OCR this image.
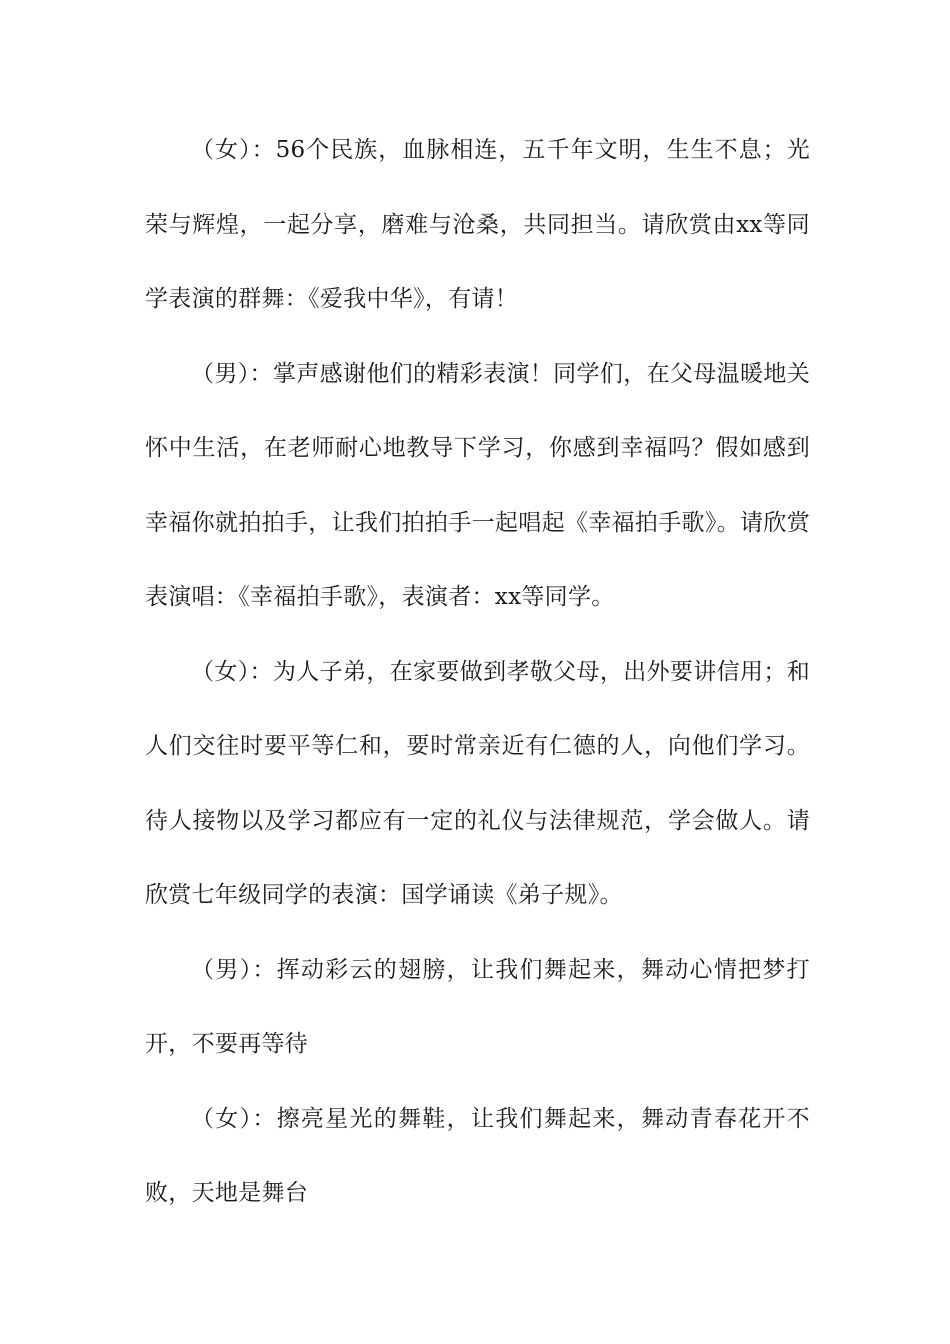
（女）：56个民族，血脉相连，五千年文明，生生不息；光荣与辉煌，一起分享，磨难与沧桑，共同担当。请欣赏由xx等同学表演的群舞：《爱我中华》，有请！

（男）：掌声感谢他们的精彩表演！同学们，在父母温暖地关怀中生活，在老师耐心地教导下学习，你感到幸福吗？假如感到幸福你就拍拍手，让我们拍拍手一起唱起《幸福拍手歌》。请欣赏表演唱：《幸福拍手歌》，表演者：xx等同学。

（女）：为人子弟，在家要做到孝敬父母，出外要讲信用；和人们交往时要平等仁和，要时常亲近有仁德的人，向他们学习。待人接物以及学习都应有一定的礼仪与法律规范，学会做人。请欣赏七年级同学的表演：国学诵读《弟子规》。

（男）：挥动彩云的翅膀，让我们舞起来，舞动心情把梦打开，不要再等待

（女）：擦亮星光的舞鞋，让我们舞起来，舞动青春花开不败，天地是舞台
